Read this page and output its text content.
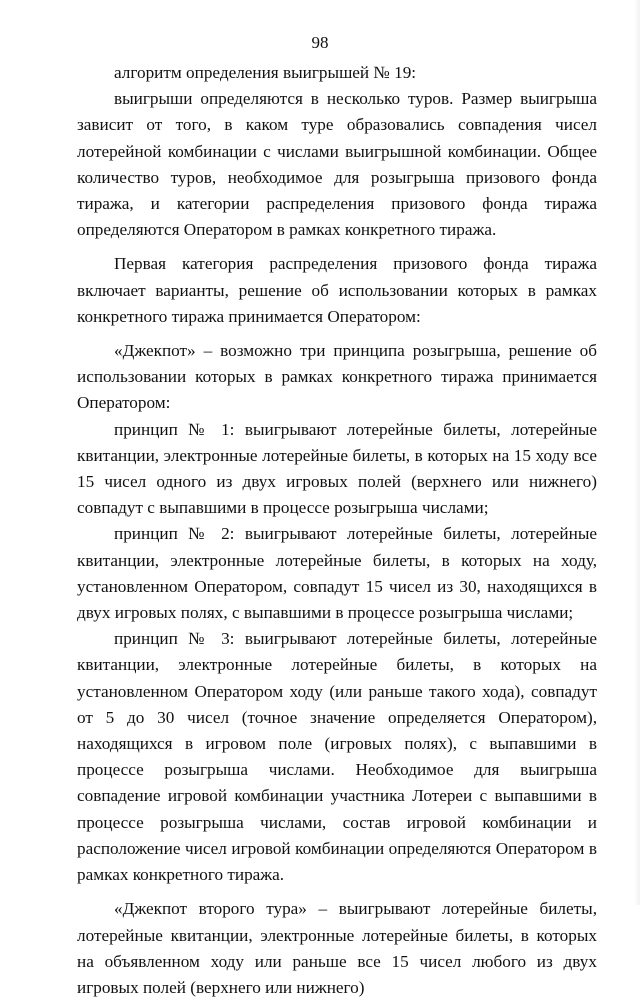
98

алгоритм определения выигрышей № 19:

выигрыши определяются в несколько туров. Размер выигрыша зависит от того, в каком туре образовались совпадения чисел лотерейной комбинации с числами выигрышной комбинации. Общее количество туров, необходимое для розыгрыша призового фонда тиража, и категории распределения призового фонда тиража определяются Оператором в рамках конкретного тиража.

Первая категория распределения призового фонда тиража включает варианты, решение об использовании которых в рамках конкретного тиража принимается Оператором:

«Джекпот» – возможно три принципа розыгрыша, решение об использовании которых в рамках конкретного тиража принимается Оператором:

принцип № 1: выигрывают лотерейные билеты, лотерейные квитанции, электронные лотерейные билеты, в которых на 15 ходу все 15 чисел одного из двух игровых полей (верхнего или нижнего) совпадут с выпавшими в процессе розыгрыша числами;

принцип № 2: выигрывают лотерейные билеты, лотерейные квитанции, электронные лотерейные билеты, в которых на ходу, установленном Оператором, совпадут 15 чисел из 30, находящихся в двух игровых полях, с выпавшими в процессе розыгрыша числами;

принцип № 3: выигрывают лотерейные билеты, лотерейные квитанции, электронные лотерейные билеты, в которых на установленном Оператором ходу (или раньше такого хода), совпадут от 5 до 30 чисел (точное значение определяется Оператором), находящихся в игровом поле (игровых полях), с выпавшими в процессе розыгрыша числами. Необходимое для выигрыша совпадение игровой комбинации участника Лотереи с выпавшими в процессе розыгрыша числами, состав игровой комбинации и расположение чисел игровой комбинации определяются Оператором в рамках конкретного тиража.

«Джекпот второго тура» – выигрывают лотерейные билеты, лотерейные квитанции, электронные лотерейные билеты, в которых на объявленном ходу или раньше все 15 чисел любого из двух игровых полей (верхнего или нижнего)
